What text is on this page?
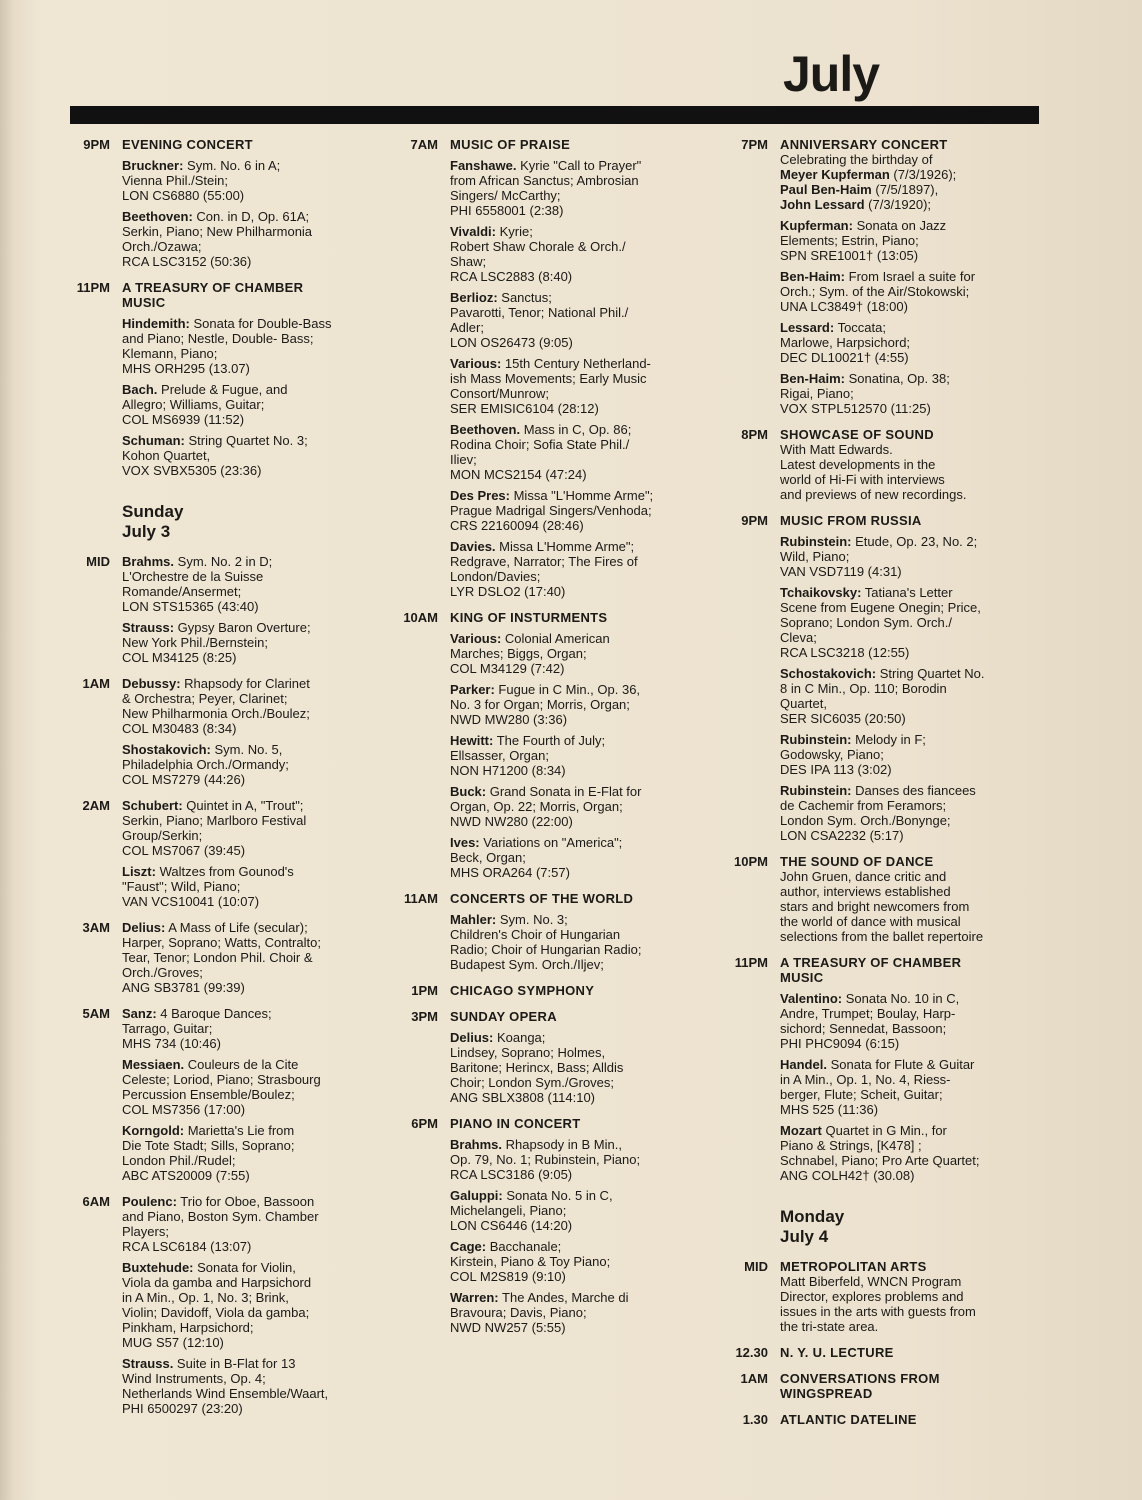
July
9PM EVENING CONCERT
Bruckner: Sym. No. 6 in A;
Vienna Phil./Stein;
LON CS6880 (55:00)
Beethoven: Con. in D, Op. 61A;
Serkin, Piano; New Philharmonia
Orch./Ozawa;
RCA LSC3152 (50:36)
11PM A TREASURY OF CHAMBER
MUSIC
Hindemith: Sonata for Double-Bass
and Piano; Nestle, Double- Bass;
Klemann, Piano;
MHS ORH295 (13.07)
Bach. Prelude & Fugue, and
Allegro; Williams, Guitar;
COL MS6939 (11:52)
Schuman: String Quartet No. 3;
Kohon Quartet,
VOX SVBX5305 (23:36)
Sunday
July 3
MID Brahms. Sym. No. 2 in D;
L'Orchestre de la Suisse
Romande/Ansermet;
LON STS15365 (43:40)
Strauss: Gypsy Baron Overture;
New York Phil./Bernstein;
COL M34125 (8:25)
1AM Debussy: Rhapsody for Clarinet
& Orchestra; Peyer, Clarinet;
New Philharmonia Orch./Boulez;
COL M30483 (8:34)
Shostakovich: Sym. No. 5,
Philadelphia Orch./Ormandy;
COL MS7279 (44:26)
2AM Schubert: Quintet in A, "Trout";
Serkin, Piano; Marlboro Festival
Group/Serkin;
COL MS7067 (39:45)
Liszt: Waltzes from Gounod's
"Faust"; Wild, Piano;
VAN VCS10041 (10:07)
3AM Delius: A Mass of Life (secular);
Harper, Soprano; Watts, Contralto;
Tear, Tenor; London Phil. Choir &
Orch./Groves;
ANG SB3781 (99:39)
5AM Sanz: 4 Baroque Dances;
Tarrago, Guitar;
MHS 734 (10:46)
Messiaen. Couleurs de la Cite
Celeste; Loriod, Piano; Strasbourg
Percussion Ensemble/Boulez;
COL MS7356 (17:00)
Korngold: Marietta's Lie from
Die Tote Stadt; Sills, Soprano;
London Phil./Rudel;
ABC ATS20009 (7:55)
6AM Poulenc: Trio for Oboe, Bassoon
and Piano, Boston Sym. Chamber
Players;
RCA LSC6184 (13:07)
Buxtehude: Sonata for Violin,
Viola da gamba and Harpsichord
in A Min., Op. 1, No. 3; Brink,
Violin; Davidoff, Viola da gamba;
Pinkham, Harpsichord;
MUG S57 (12:10)
Strauss. Suite in B-Flat for 13
Wind Instruments, Op. 4;
Netherlands Wind Ensemble/Waart,
PHI 6500297 (23:20)
7AM MUSIC OF PRAISE
Fanshawe. Kyrie "Call to Prayer"
from African Sanctus; Ambrosian
Singers/ McCarthy;
PHI 6558001 (2:38)
Vivaldi: Kyrie;
Robert Shaw Chorale & Orch./
Shaw;
RCA LSC2883 (8:40)
Berlioz: Sanctus;
Pavarotti, Tenor; National Phil./
Adler;
LON OS26473 (9:05)
Various: 15th Century Netherland-
ish Mass Movements; Early Music
Consort/Munrow;
SER EMISIC6104 (28:12)
Beethoven. Mass in C, Op. 86;
Rodina Choir; Sofia State Phil./
Iliev;
MON MCS2154 (47:24)
Des Pres: Missa "L'Homme Arme";
Prague Madrigal Singers/Venhoda;
CRS 22160094 (28:46)
Davies. Missa L'Homme Arme";
Redgrave, Narrator; The Fires of
London/Davies;
LYR DSLO2 (17:40)
10AM KING OF INSTURMENTS
Various: Colonial American
Marches; Biggs, Organ;
COL M34129 (7:42)
Parker: Fugue in C Min., Op. 36,
No. 3 for Organ; Morris, Organ;
NWD MW280 (3:36)
Hewitt: The Fourth of July;
Ellsasser, Organ;
NON H71200 (8:34)
Buck: Grand Sonata in E-Flat for
Organ, Op. 22; Morris, Organ;
NWD NW280 (22:00)
Ives: Variations on "America";
Beck, Organ;
MHS ORA264 (7:57)
11AM CONCERTS OF THE WORLD
Mahler: Sym. No. 3;
Children's Choir of Hungarian
Radio; Choir of Hungarian Radio;
Budapest Sym. Orch./Iljev;
1PM CHICAGO SYMPHONY
3PM SUNDAY OPERA
Delius: Koanga;
Lindsey, Soprano; Holmes,
Baritone; Herincx, Bass; Alldis
Choir; London Sym./Groves;
ANG SBLX3808 (114:10)
6PM PIANO IN CONCERT
Brahms. Rhapsody in B Min.,
Op. 79, No. 1; Rubinstein, Piano;
RCA LSC3186 (9:05)
Galuppi: Sonata No. 5 in C,
Michelangeli, Piano;
LON CS6446 (14:20)
Cage: Bacchanale;
Kirstein, Piano & Toy Piano;
COL M2S819 (9:10)
Warren: The Andes, Marche di
Bravoura; Davis, Piano;
NWD NW257 (5:55)
7PM ANNIVERSARY CONCERT
Celebrating the birthday of
Meyer Kupferman (7/3/1926);
Paul Ben-Haim (7/5/1897),
John Lessard (7/3/1920);
Kupferman: Sonata on Jazz
Elements; Estrin, Piano;
SPN SRE1001† (13:05)
Ben-Haim: From Israel a suite for
Orch.; Sym. of the Air/Stokowski;
UNA LC3849† (18:00)
Lessard: Toccata;
Marlowe, Harpsichord;
DEC DL10021† (4:55)
Ben-Haim: Sonatina, Op. 38;
Rigai, Piano;
VOX STPL512570 (11:25)
8PM SHOWCASE OF SOUND
With Matt Edwards.
Latest developments in the
world of Hi-Fi with interviews
and previews of new recordings.
9PM MUSIC FROM RUSSIA
Rubinstein: Etude, Op. 23, No. 2;
Wild, Piano;
VAN VSD7119 (4:31)
Tchaikovsky: Tatiana's Letter
Scene from Eugene Onegin; Price,
Soprano; London Sym. Orch./
Cleva;
RCA LSC3218 (12:55)
Schostakovich: String Quartet No.
8 in C Min., Op. 110; Borodin
Quartet,
SER SIC6035 (20:50)
Rubinstein: Melody in F;
Godowsky, Piano;
DES IPA 113 (3:02)
Rubinstein: Danses des fiancees
de Cachemir from Feramors;
London Sym. Orch./Bonynge;
LON CSA2232 (5:17)
10PM THE SOUND OF DANCE
John Gruen, dance critic and
author, interviews established
stars and bright newcomers from
the world of dance with musical
selections from the ballet repertoire
11PM A TREASURY OF CHAMBER
MUSIC
Valentino: Sonata No. 10 in C,
Andre, Trumpet; Boulay, Harp-
sichord; Sennedat, Bassoon;
PHI PHC9094 (6:15)
Handel. Sonata for Flute & Guitar
in A Min., Op. 1, No. 4, Riess-
berger, Flute; Scheit, Guitar;
MHS 525 (11:36)
Mozart Quartet in G Min., for
Piano & Strings, [K478] ;
Schnabel, Piano; Pro Arte Quartet;
ANG COLH42† (30.08)
Monday
July 4
MID METROPOLITAN ARTS
Matt Biberfeld, WNCN Program
Director, explores problems and
issues in the arts with guests from
the tri-state area.
12.30 N. Y. U. LECTURE
1AM CONVERSATIONS FROM
WINGSPREAD
1.30 ATLANTIC DATELINE
